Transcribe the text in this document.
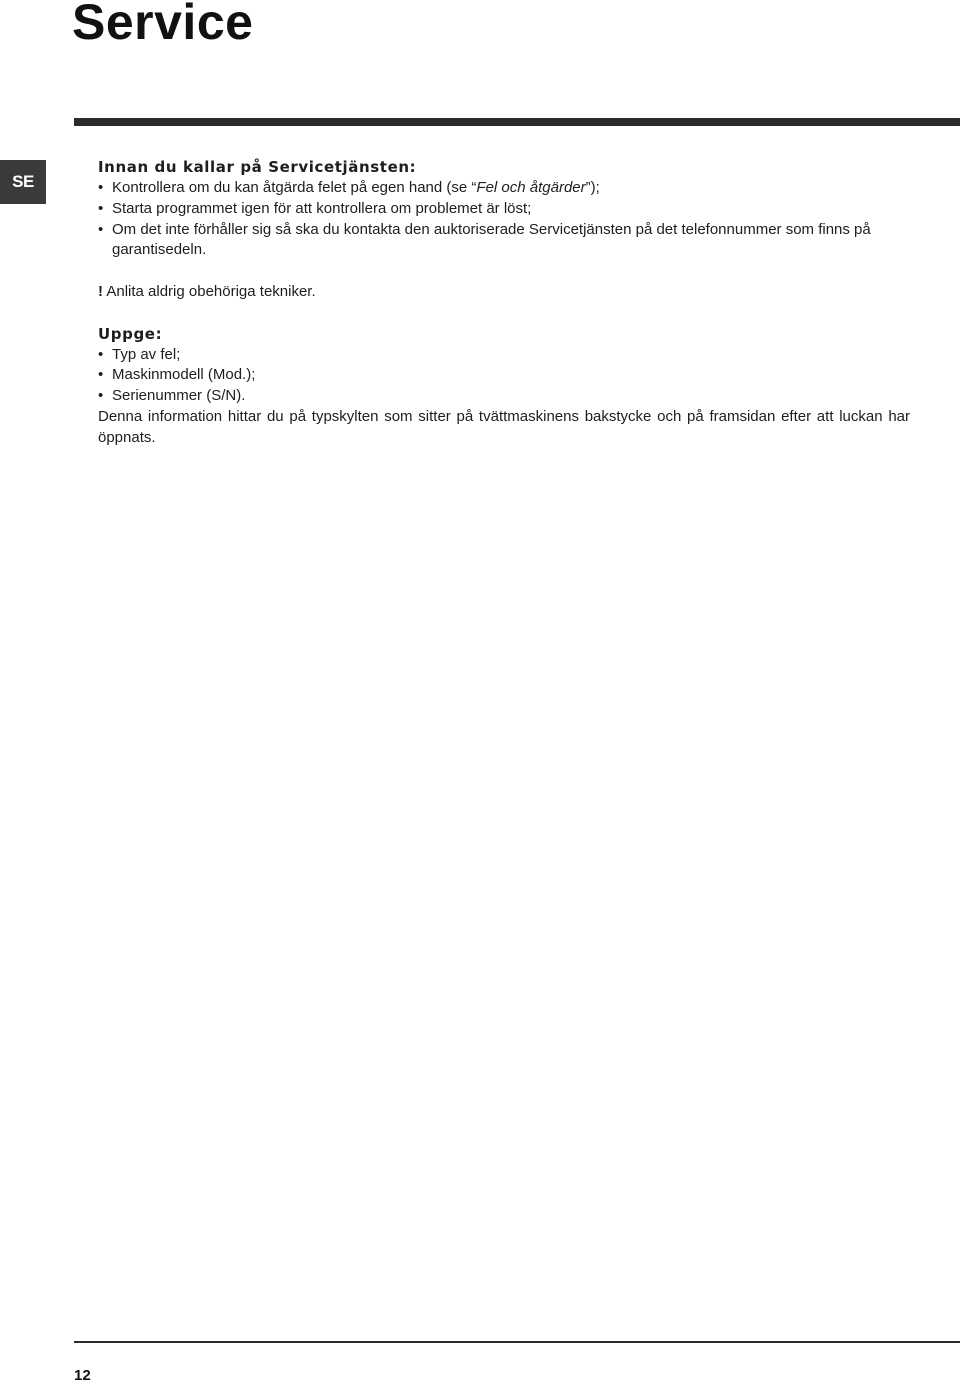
Service
SE

Innan du kallar på Servicetjänsten:

• Kontrollera om du kan åtgärda felet på egen hand (se “Fel och åtgärder”);
• Starta programmet igen för att kontrollera om problemet är löst;
• Om det inte förhåller sig så ska du kontakta den auktoriserade Servicetjänsten på det telefonnummer som finns på garantisedeln.

! Anlita aldrig obehöriga tekniker.

Uppge:

• Typ av fel;
• Maskinmodell (Mod.);
• Serienummer (S/N).

Denna information hittar du på typskylten som sitter på tvättmaskinens bakstycke och på framsidan efter att luckan har öppnats.

12
